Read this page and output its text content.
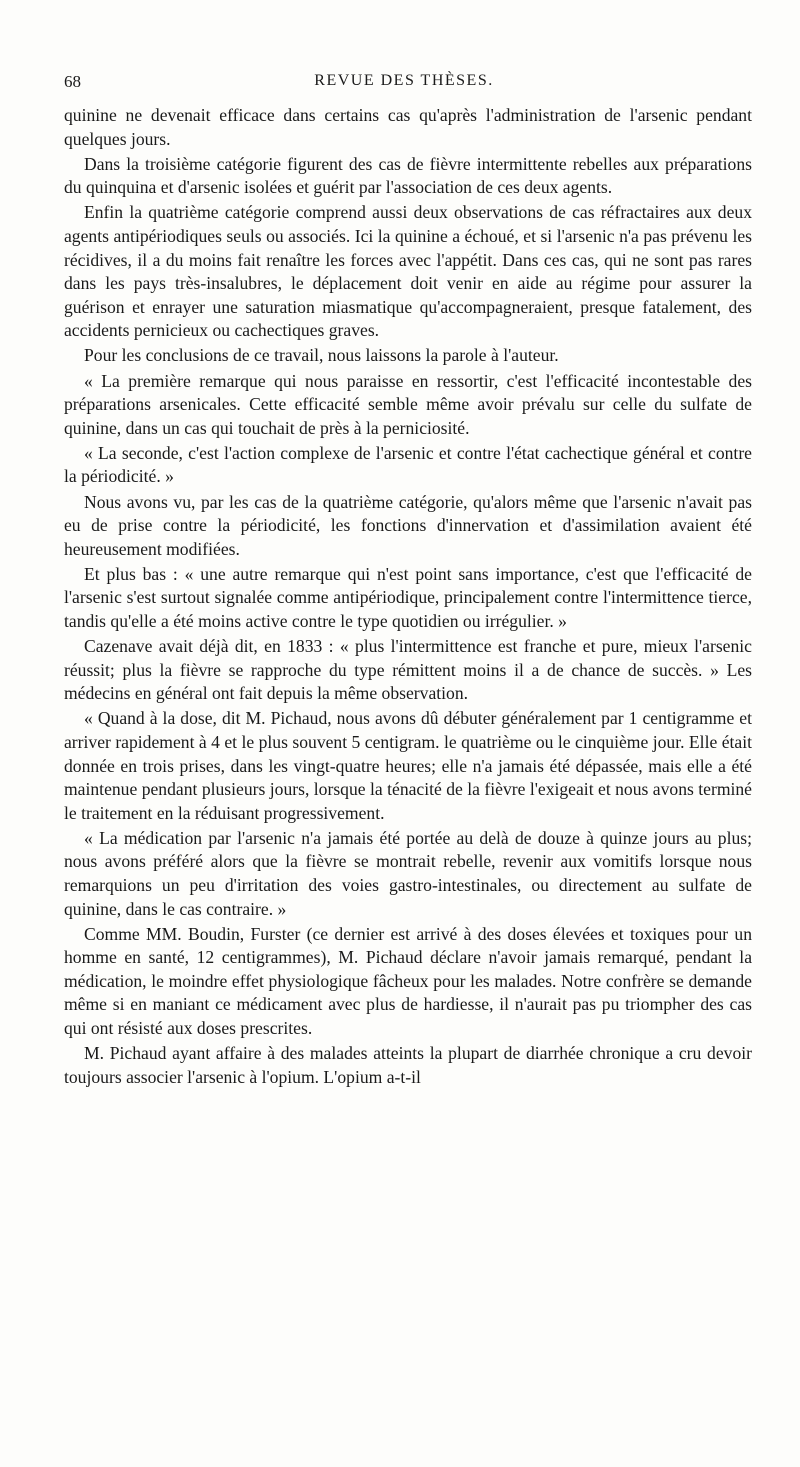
68	REVUE DES THÈSES.

quinine ne devenait efficace dans certains cas qu'après l'administration de l'arsenic pendant quelques jours.

Dans la troisième catégorie figurent des cas de fièvre intermittente rebelles aux préparations du quinquina et d'arsenic isolées et guérit par l'association de ces deux agents.

Enfin la quatrième catégorie comprend aussi deux observations de cas réfractaires aux deux agents antipériodiques seuls ou associés. Ici la quinine a échoué, et si l'arsenic n'a pas prévenu les récidives, il a du moins fait renaître les forces avec l'appétit. Dans ces cas, qui ne sont pas rares dans les pays très-insalubres, le déplacement doit venir en aide au régime pour assurer la guérison et enrayer une saturation miasmatique qu'accompagneraient, presque fatalement, des accidents pernicieux ou cachectiques graves.

Pour les conclusions de ce travail, nous laissons la parole à l'auteur.

« La première remarque qui nous paraisse en ressortir, c'est l'efficacité incontestable des préparations arsenicales. Cette efficacité semble même avoir prévalu sur celle du sulfate de quinine, dans un cas qui touchait de près à la perniciosité.

« La seconde, c'est l'action complexe de l'arsenic et contre l'état cachectique général et contre la périodicité. »

Nous avons vu, par les cas de la quatrième catégorie, qu'alors même que l'arsenic n'avait pas eu de prise contre la périodicité, les fonctions d'innervation et d'assimilation avaient été heureusement modifiées.

Et plus bas : « une autre remarque qui n'est point sans importance, c'est que l'efficacité de l'arsenic s'est surtout signalée comme antipériodique, principalement contre l'intermittence tierce, tandis qu'elle a été moins active contre le type quotidien ou irrégulier. »

Cazenave avait déjà dit, en 1833 : « plus l'intermittence est franche et pure, mieux l'arsenic réussit; plus la fièvre se rapproche du type rémittent moins il a de chance de succès. » Les médecins en général ont fait depuis la même observation.

« Quand à la dose, dit M. Pichaud, nous avons dû débuter généralement par 1 centigramme et arriver rapidement à 4 et le plus souvent 5 centigram. le quatrième ou le cinquième jour. Elle était donnée en trois prises, dans les vingt-quatre heures; elle n'a jamais été dépassée, mais elle a été maintenue pendant plusieurs jours, lorsque la ténacité de la fièvre l'exigeait et nous avons terminé le traitement en la réduisant progressivement.

« La médication par l'arsenic n'a jamais été portée au delà de douze à quinze jours au plus; nous avons préféré alors que la fièvre se montrait rebelle, revenir aux vomitifs lorsque nous remarquions un peu d'irritation des voies gastro-intestinales, ou directement au sulfate de quinine, dans le cas contraire. »

Comme MM. Boudin, Furster (ce dernier est arrivé à des doses élevées et toxiques pour un homme en santé, 12 centigrammes), M. Pichaud déclare n'avoir jamais remarqué, pendant la médication, le moindre effet physiologique fâcheux pour les malades. Notre confrère se demande même si en maniant ce médicament avec plus de hardiesse, il n'aurait pas pu triompher des cas qui ont résisté aux doses prescrites.

M. Pichaud ayant affaire à des malades atteints la plupart de diarrhée chronique a cru devoir toujours associer l'arsenic à l'opium. L'opium a-t-il
